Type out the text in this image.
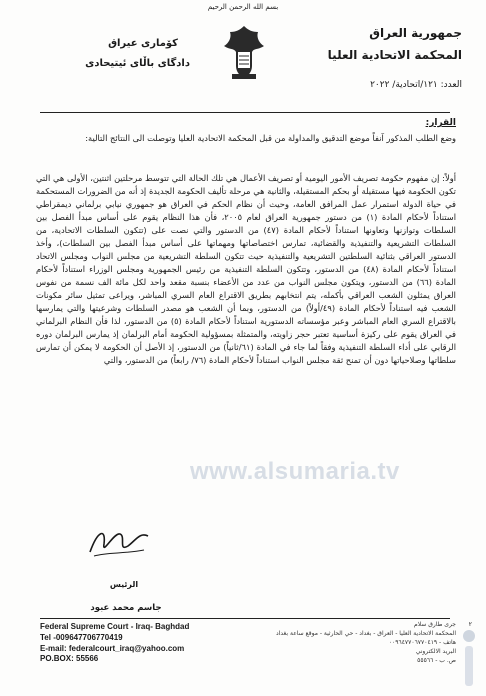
بسم الله الرحمن الرحيم
جمهورية العراق
المحكمة الاتحادية العليا
العدد: ١٢١/اتحادية/ ٢٠٢٢
كۆماری عیراق
دادگای باڵای ئیتیحادی
القرار:
وضع الطلب المذكور آنفاً موضع التدقيق والمداولة من قبل المحكمة الاتحادية العليا وتوصلت الى النتائج التالية:
أولاً: إن مفهوم حكومة تصريف الأمور اليومية أو تصريف الأعمال هي تلك الحالة التي تتوسط مرحلتين اثنتين، الأولى هي التي تكون الحكومة فيها مستقيلة أو بحكم المستقيلة، والثانية هي مرحلة تأليف الحكومة الجديدة إذ أنه من الضرورات المستحكمة في حياة الدولة استمرار عمل المرافق العامة، وحيث أن نظام الحكم في العراق هو جمهوري نيابي برلماني ديمقراطي استناداً لأحكام المادة (١) من دستور جمهورية العراق لعام ٢٠٠٥، فأن هذا النظام يقوم على أساس مبدأ الفصل بين السلطات وتوازنها وتعاونها استناداً لأحكام المادة (٤٧) من الدستور والتي نصت على (تتكون السلطات الاتحادية، من السلطات التشريعية والتنفيذية والقضائية، تمارس اختصاصاتها ومهماتها على أساس مبدأ الفصل بين السلطات)، وأخذ الدستور العراقي بثنائية السلطتين التشريعية والتنفيذية حيث تتكون السلطة التشريعية من مجلس النواب ومجلس الاتحاد استناداً لأحكام المادة (٤٨) من الدستور، وتتكون السلطة التنفيذية من رئيس الجمهورية ومجلس الوزراء استناداً لأحكام المادة (٦٦) من الدستور، ويتكون مجلس النواب من عدد من الأعضاء بنسبة مقعد واحد لكل مائة الف نسمة من نفوس العراق يمثلون الشعب العراقي بأكمله، يتم انتخابهم بطريق الاقتراع العام السري المباشر، ويراعى تمثيل سائر مكونات الشعب فيه استناداً لأحكام المادة (٤٩/أولاً) من الدستور، وبما أن الشعب هو مصدر السلطات وشرعيتها والتي يمارسها بالاقتراع السري العام المباشر وعبر مؤسساته الدستورية استناداً لأحكام المادة (٥) من الدستور، لذا فأن النظام البرلماني في العراق يقوم على ركيزة أساسية تعتبر حجر زاويته، والمتمثلة بمسؤولية الحكومة أمام البرلمان إذ يمارس البرلمان دوره الرقابي على أداء السلطة التنفيذية وفقاً لما جاء في المادة (٦١/ثانياً) من الدستور، إذ الأصل أن الحكومة لا يمكن أن تمارس سلطاتها وصلاحياتها دون أن تمنح ثقة مجلس النواب استناداً لأحكام المادة (٧٦/ رابعاً) من الدستور، والتي
www.alsumaria.tv
الرئيس
جاسم محمد عبود
Federal Supreme Court - Iraq- Baghdad
Tel -009647706770419
E-mail: federalcourt_iraq@yahoo.com
PO.BOX: 55566
٢
جرى طارق سلام
المحكمة الاتحادية العليا - العراق - بغداد - حي الحارثية - موقع ساعة بغداد
هاتف - ٠٠٩٦٤٧٧٠٦٧٧٠٤١٩
البريد الالكتروني
ص. ب - ٥٥٥٦٦
